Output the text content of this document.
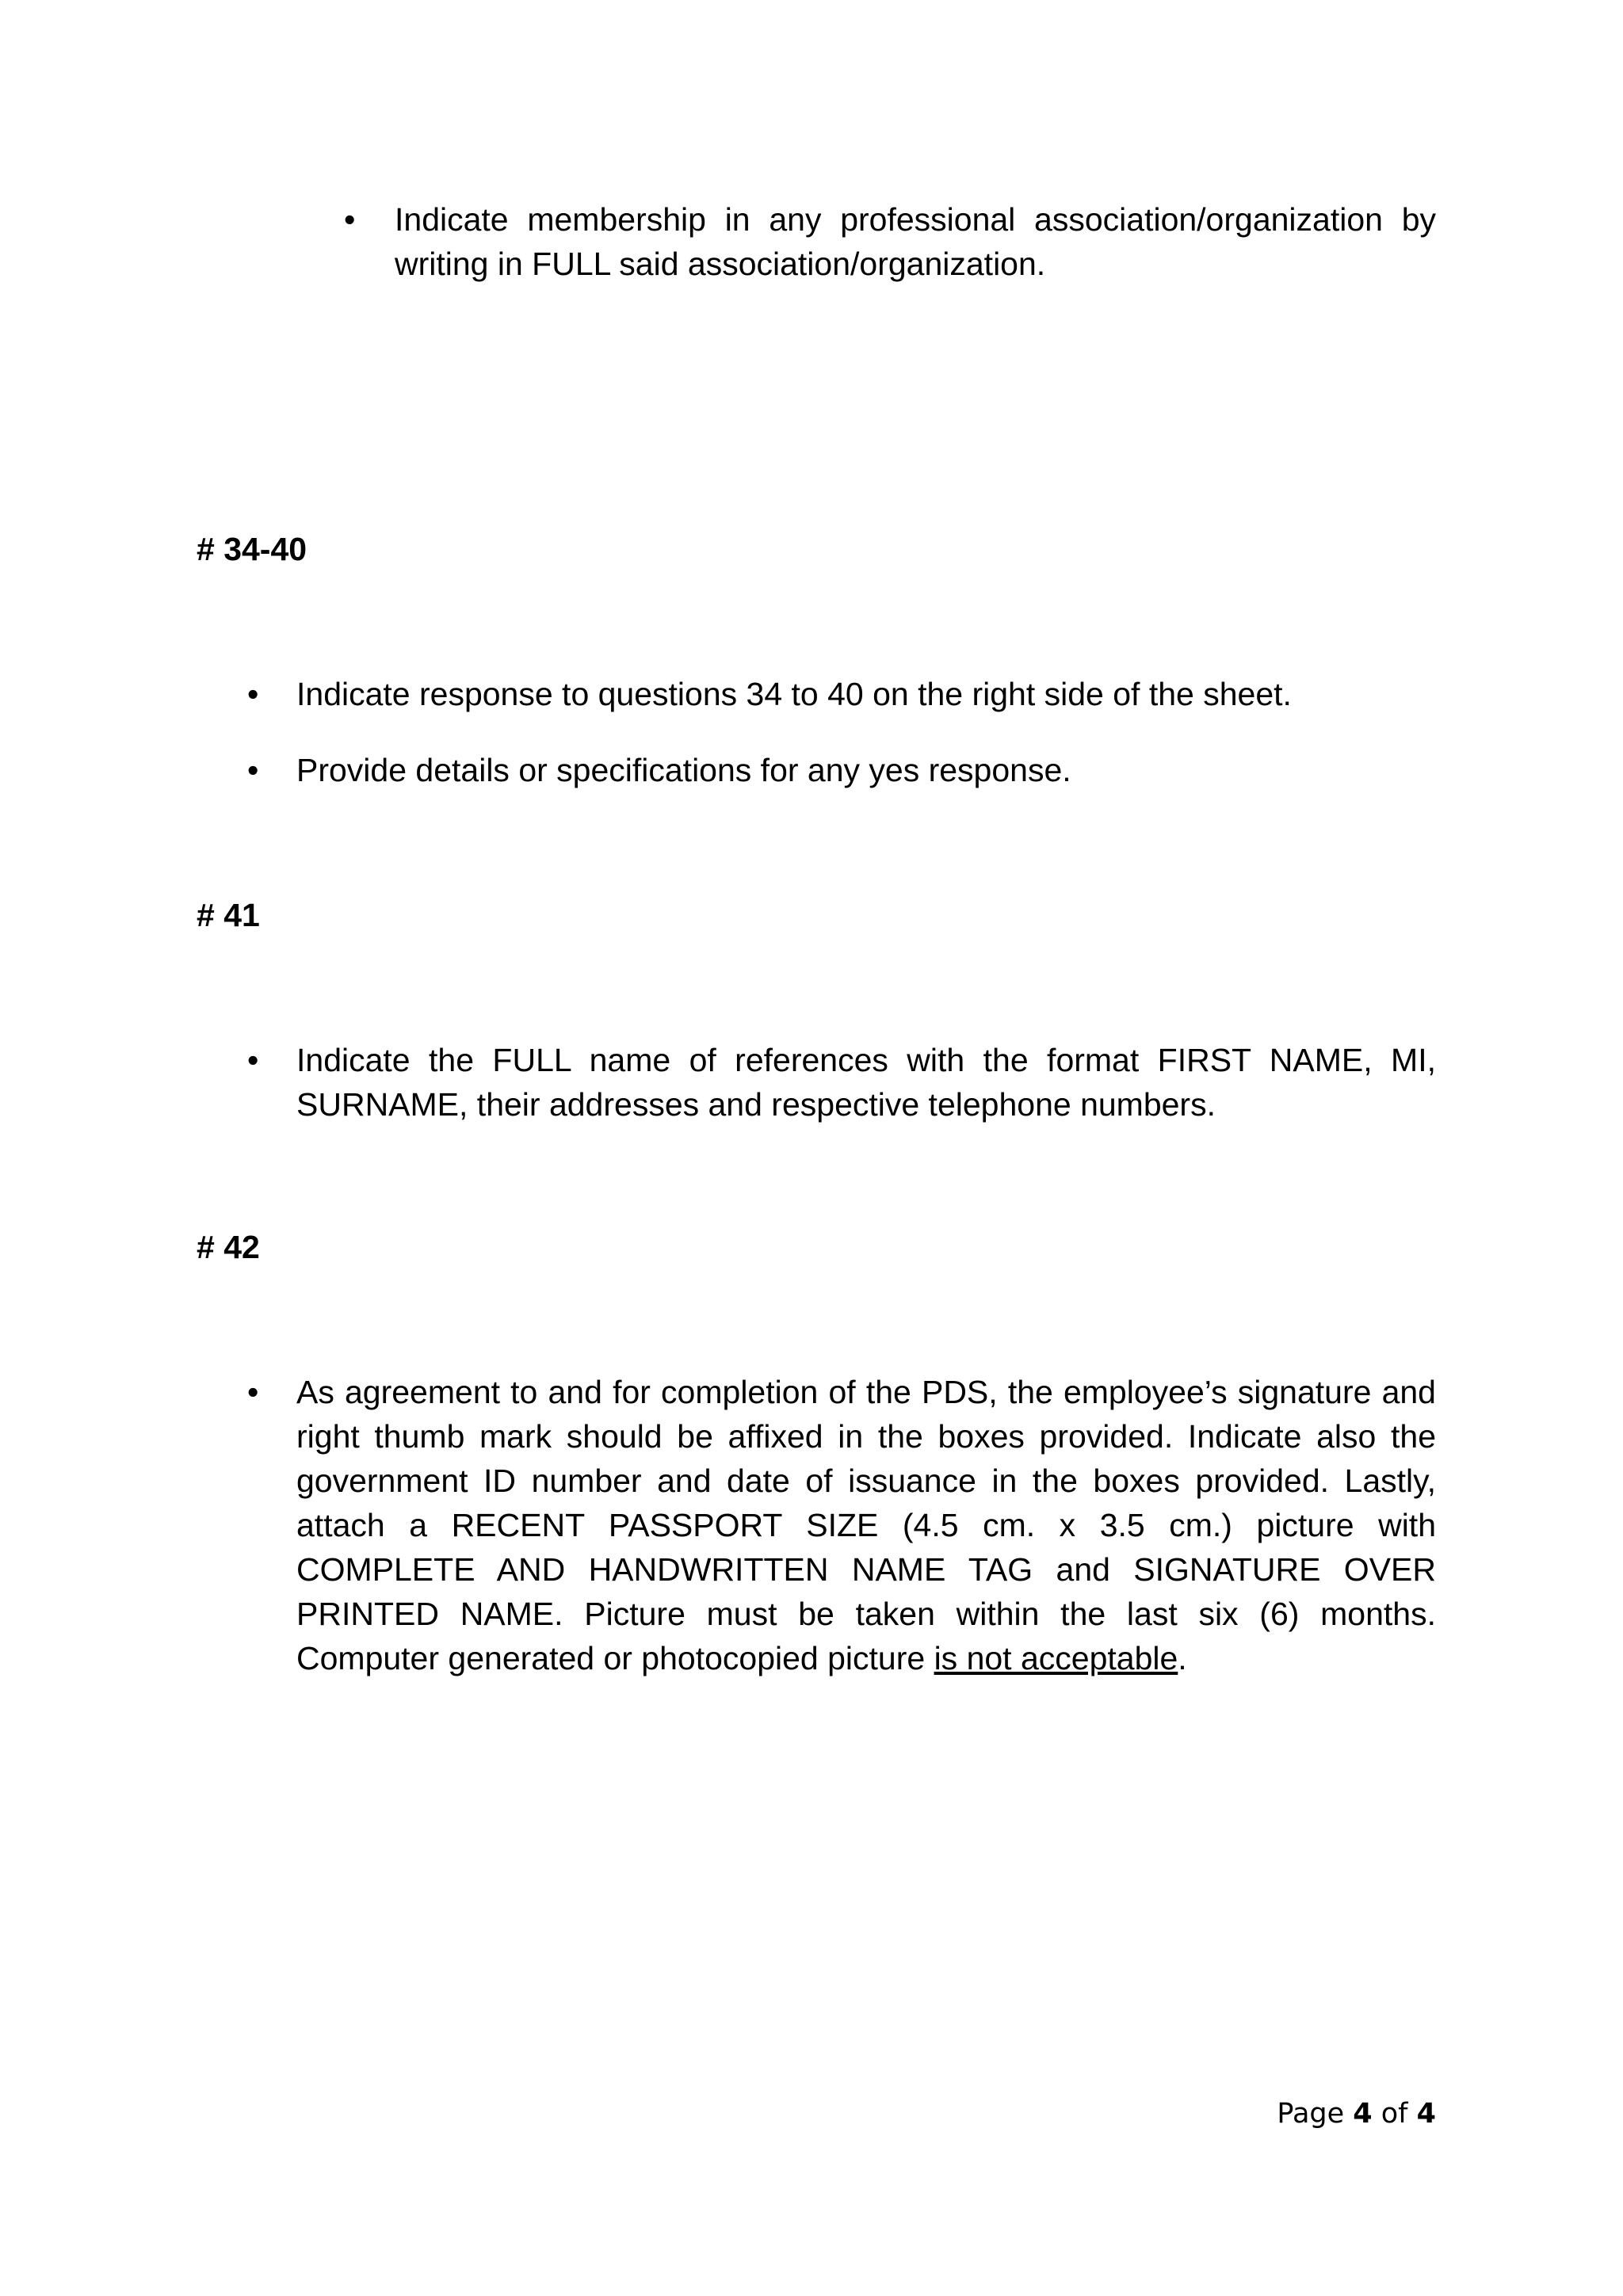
• Indicate membership in any professional association/organization by writing in FULL said association/organization.
# 34-40
• Indicate response to questions 34 to 40 on the right side of the sheet.
• Provide details or specifications for any yes response.
# 41
• Indicate the FULL name of references with the format FIRST NAME, MI, SURNAME, their addresses and respective telephone numbers.
# 42
• As agreement to and for completion of the PDS, the employee’s signature and right thumb mark should be affixed in the boxes provided. Indicate also the government ID number and date of issuance in the boxes provided. Lastly, attach a RECENT PASSPORT SIZE (4.5 cm. x 3.5 cm.) picture with COMPLETE AND HANDWRITTEN NAME TAG and SIGNATURE OVER PRINTED NAME. Picture must be taken within the last six (6) months. Computer generated or photocopied picture is not acceptable.
Page 4 of 4
